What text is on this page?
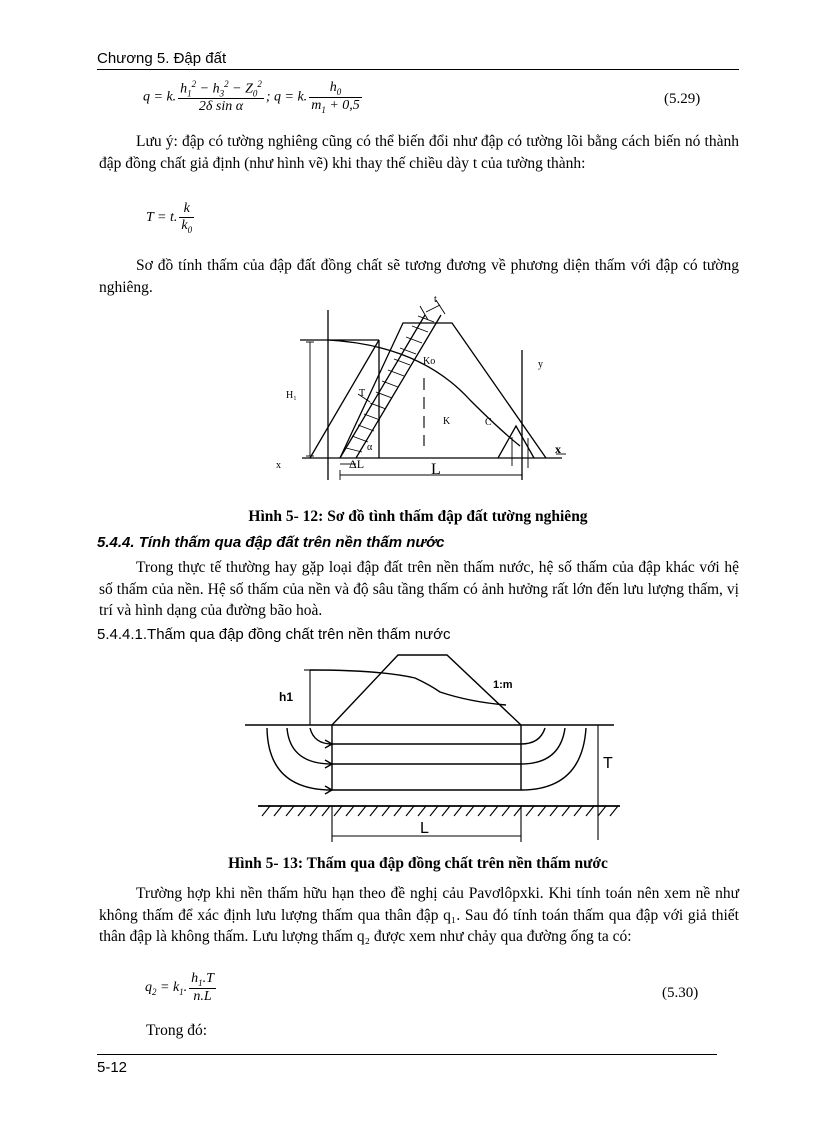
Chương 5. Đập đất
q = k. $\frac{h_1^2 - h_3^2 - Z_0^2}{\text{2δ sin α}}$ ; q = k. $\frac{h_0}{m_1 + 0,5}$	(5.29)
Lưu ý: đập có tường nghiêng cũng có thể biến đổi như đập có tường lõi bằng cách biến nó thành đập đồng chất giả định (như hình vẽ) khi thay thế chiều dày t của tường thành:
T = t. $\frac{k}{k_0}$
Sơ đồ tính thấm của đập đất đồng chất sẽ tương đương về phương diện thấm với đập có tường nghiêng.
t
Ko	y
H₁	T
K	C
α
x	ΔL	L
x
Hình 5- 12: Sơ đồ tình thấm đập đất tường nghiêng
5.4.4. Tính thấm qua đập đất trên nền thấm nước
Trong thực tế thường hay gặp loại đập đất trên nền thấm nước, hệ số thấm của đập khác với hệ số thấm của nền. Hệ số thấm của nền và độ sâu tầng thấm có ảnh hưởng rất lớn đến lưu lượng thấm, vị trí và hình dạng của đường bão hoà.
5.4.4.1.Thấm qua đập đồng chất trên nền thấm nước
h1
1:m
T
L
Hình 5- 13: Thấm qua đập đồng chất trên nền thấm nước
Trường hợp khi nền thấm hữu hạn theo đề nghị cảu Pavơlôpxki. Khi tính toán nên xem nề như không thấm để xác định lưu lượng thấm qua thân đập q₁. Sau đó tính toán thấm qua đập với giả thiết thân đập là không thấm. Lưu lượng thấm q₂ được xem như chảy qua đường ống ta có:
$q_2 = k_1$. $\frac{h_1.T}{n.L}$	(5.30)
Trong đó:
5-12
